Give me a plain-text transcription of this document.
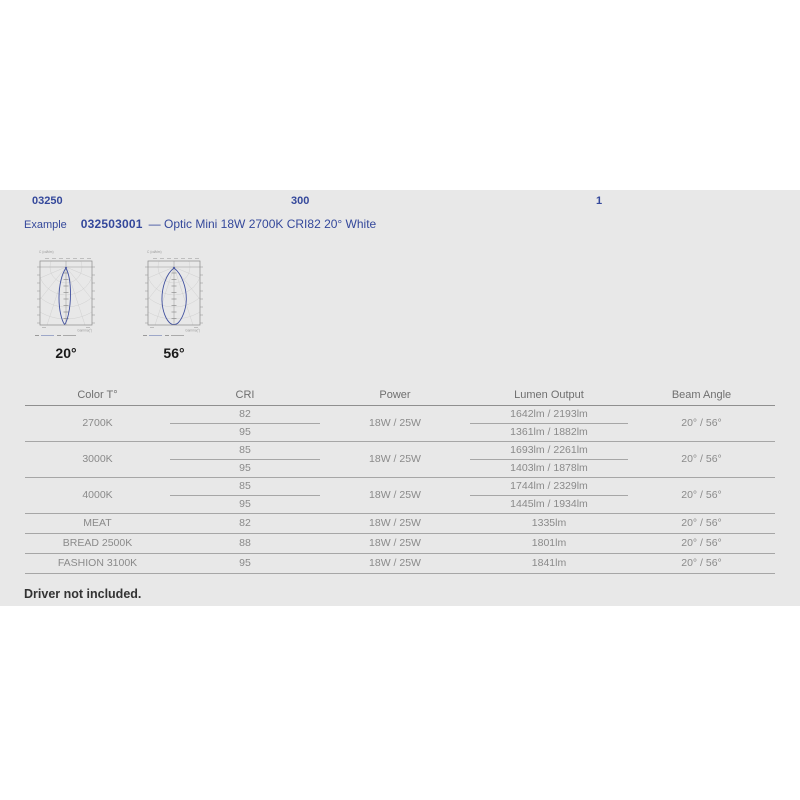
03250	300	1
Example 032503001 — Optic Mini 18W 2700K CRI82 20° White
C (cd/klm)
Gamma(°)
20°
C (cd/klm)
Gamma(°)
56°
Color T°	CRI	Power	Lumen Output	Beam Angle
2700K	82	18W / 25W	1642lm / 2193lm	20° / 56°
	95		1361lm / 1882lm	
3000K	85	18W / 25W	1693lm / 2261lm	20° / 56°
	95		1403lm / 1878lm	
4000K	85	18W / 25W	1744lm / 2329lm	20° / 56°
	95		1445lm / 1934lm	
MEAT	82	18W / 25W	1335lm	20° / 56°
BREAD 2500K	88	18W / 25W	1801lm	20° / 56°
FASHION 3100K	95	18W / 25W	1841lm	20° / 56°

Driver not included.
